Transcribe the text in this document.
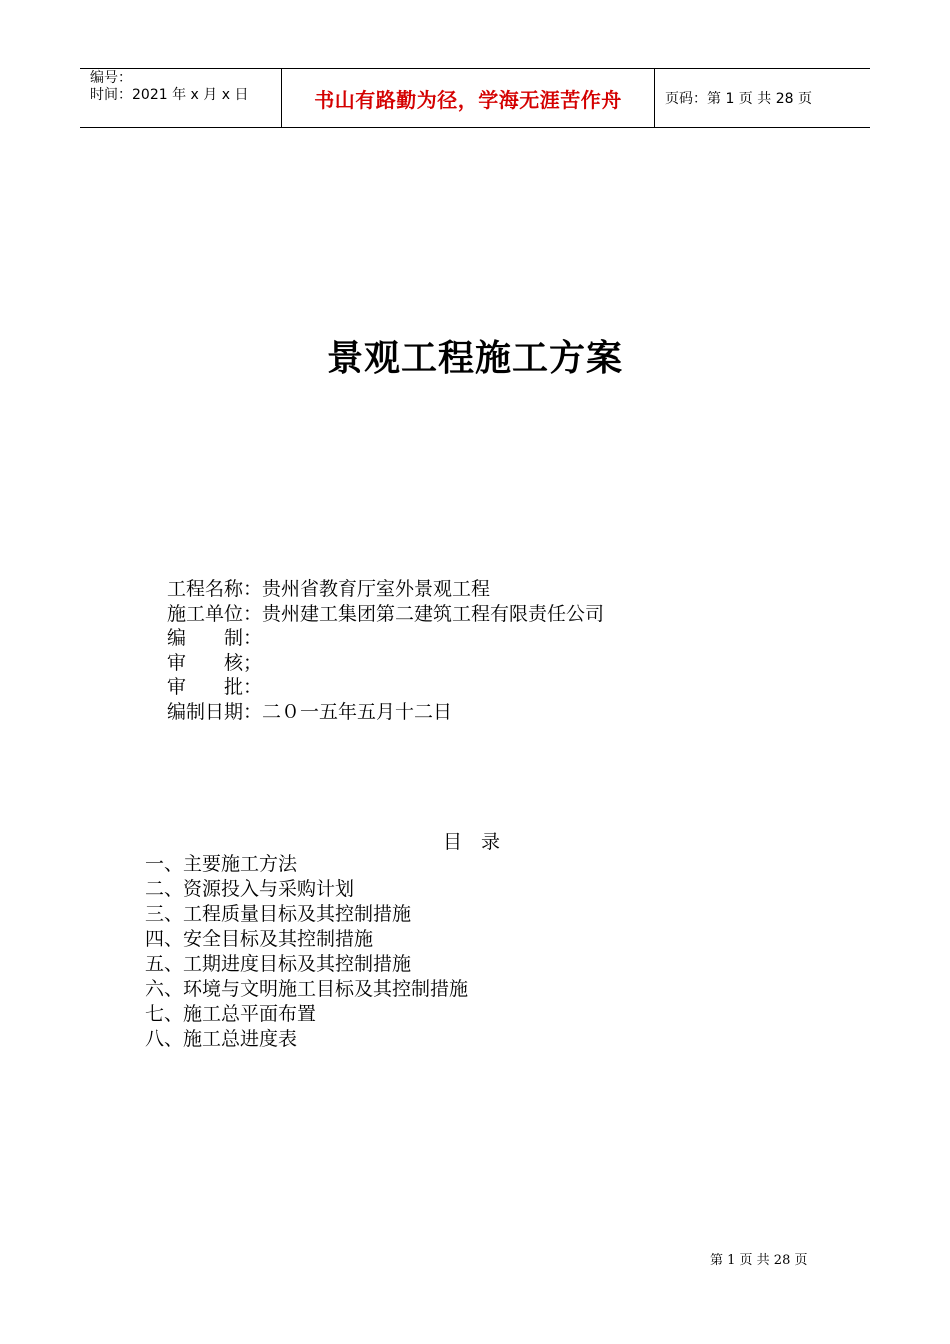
编号：
时间：2021 年 x 月 x 日	书山有路勤为径，学海无涯苦作舟	页码：第 1 页 共 28 页
景观工程施工方案
工程名称：贵州省教育厅室外景观工程
施工单位：贵州建工集团第二建筑工程有限责任公司
编　　制：
审　　核；
审　　批：
编制日期：二０一五年五月十二日
目　录
一、主要施工方法
二、资源投入与采购计划
三、工程质量目标及其控制措施
四、安全目标及其控制措施
五、工期进度目标及其控制措施
六、环境与文明施工目标及其控制措施
七、施工总平面布置
八、施工总进度表
第 1 页 共 28 页
